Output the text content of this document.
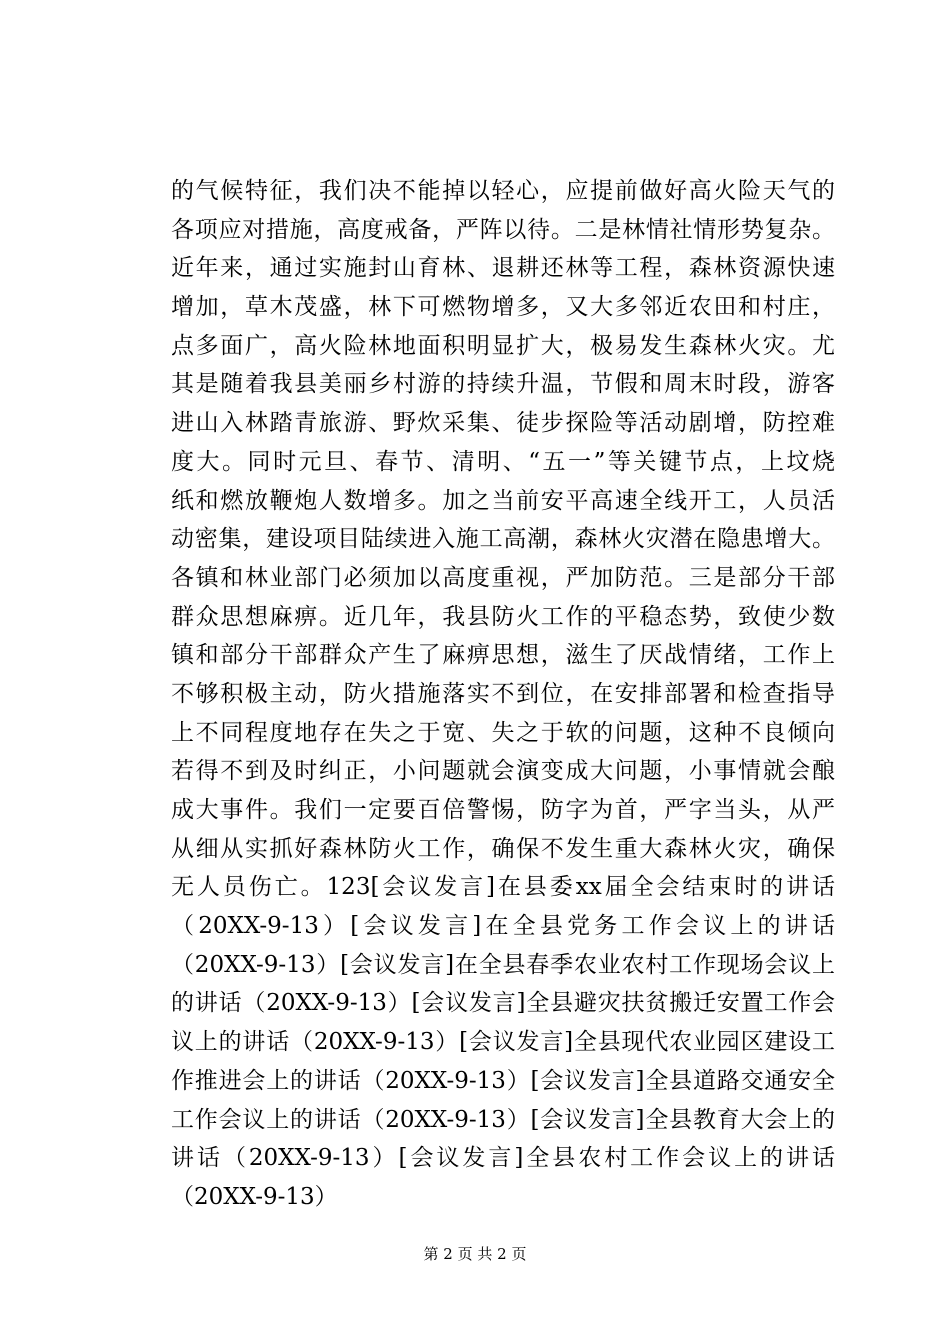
的气候特征，我们决不能掉以轻心，应提前做好高火险天气的
各项应对措施，高度戒备，严阵以待。二是林情社情形势复杂。
近年来，通过实施封山育林、退耕还林等工程，森林资源快速
增加，草木茂盛，林下可燃物增多，又大多邻近农田和村庄，
点多面广，高火险林地面积明显扩大，极易发生森林火灾。尤
其是随着我县美丽乡村游的持续升温，节假和周末时段，游客
进山入林踏青旅游、野炊采集、徒步探险等活动剧增，防控难
度大。同时元旦、春节、清明、“五一”等关键节点，上坟烧
纸和燃放鞭炮人数增多。加之当前安平高速全线开工，人员活
动密集，建设项目陆续进入施工高潮，森林火灾潜在隐患增大。
各镇和林业部门必须加以高度重视，严加防范。三是部分干部
群众思想麻痹。近几年，我县防火工作的平稳态势，致使少数
镇和部分干部群众产生了麻痹思想，滋生了厌战情绪，工作上
不够积极主动，防火措施落实不到位，在安排部署和检查指导
上不同程度地存在失之于宽、失之于软的问题，这种不良倾向
若得不到及时纠正，小问题就会演变成大问题，小事情就会酿
成大事件。我们一定要百倍警惕，防字为首，严字当头，从严
从细从实抓好森林防火工作，确保不发生重大森林火灾，确保
无人员伤亡。123[会议发言]在县委xx届全会结束时的讲话
（20XX-9-13）[会议发言]在全县党务工作会议上的讲话
（20XX-9-13）[会议发言]在全县春季农业农村工作现场会议上
的讲话（20XX-9-13）[会议发言]全县避灾扶贫搬迁安置工作会
议上的讲话（20XX-9-13）[会议发言]全县现代农业园区建设工
作推进会上的讲话（20XX-9-13）[会议发言]全县道路交通安全
工作会议上的讲话（20XX-9-13）[会议发言]全县教育大会上的
讲话（20XX-9-13）[会议发言]全县农村工作会议上的讲话
（20XX-9-13）
第 2 页 共 2 页
